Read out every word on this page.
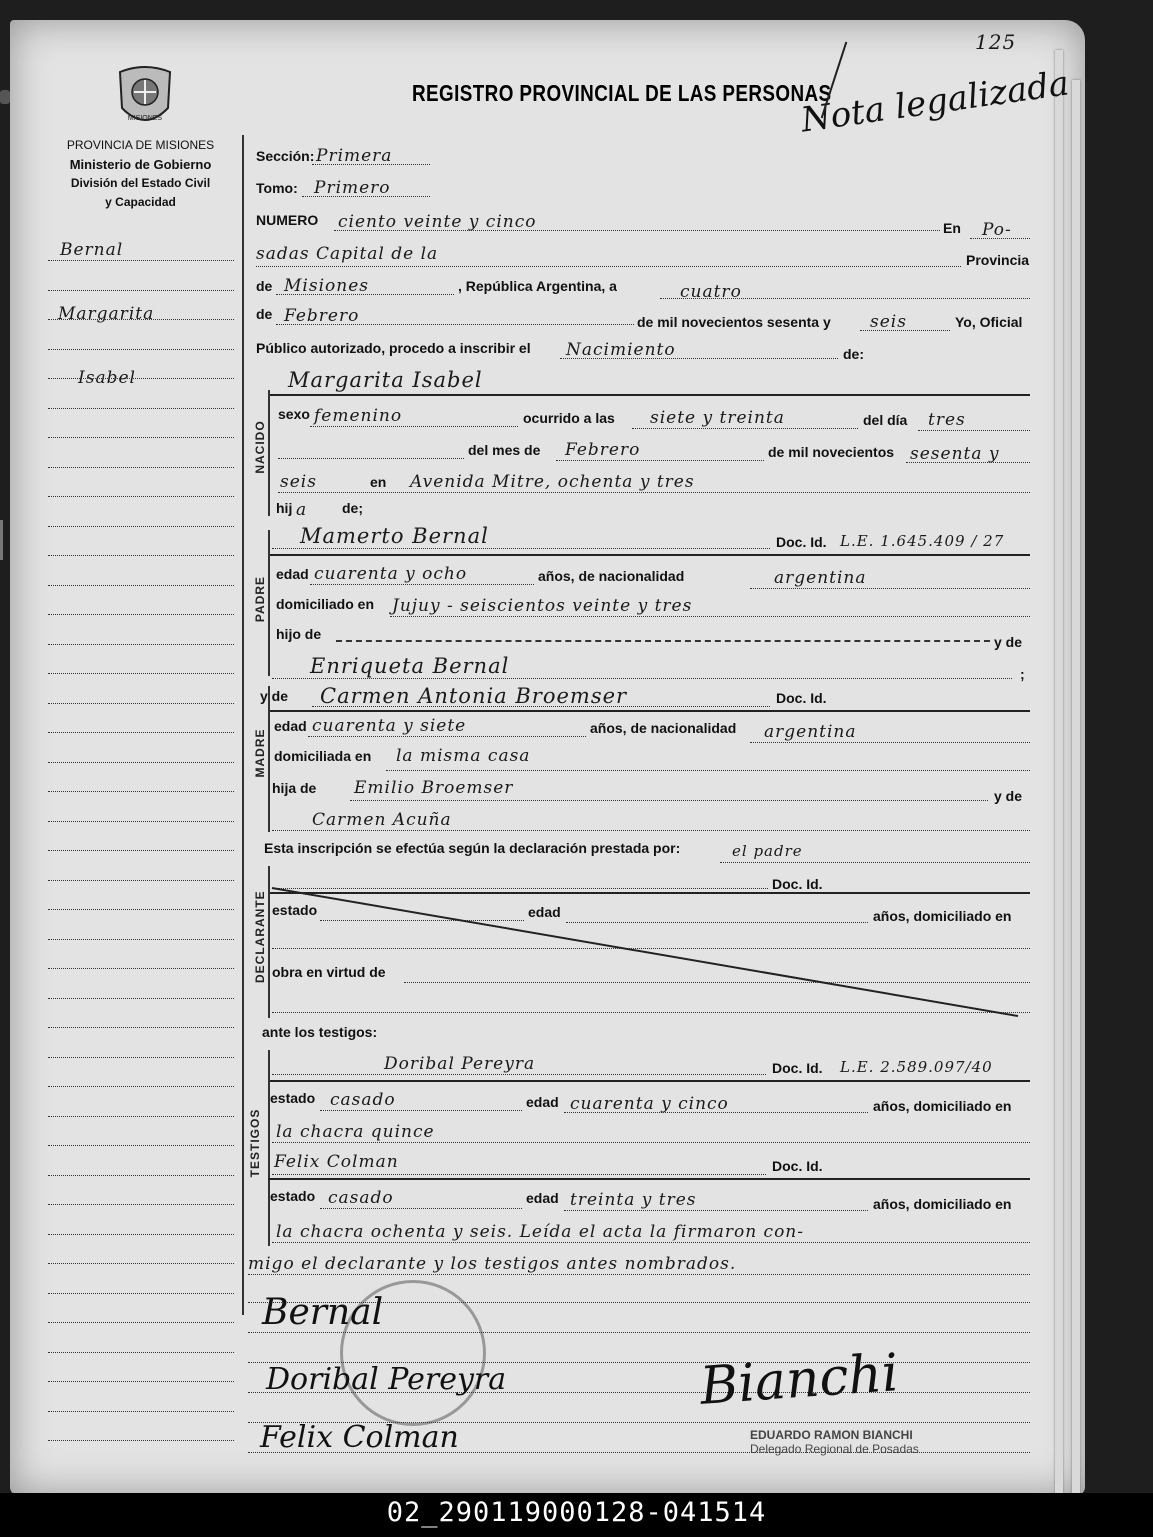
125
MISIONES
REGISTRO PROVINCIAL DE LAS PERSONAS
Nota legalizada
PROVINCIA DE MISIONES
Ministerio de Gobierno
División del Estado Civil
y Capacidad
Bernal
Margarita
Isabel
Sección: Primera
Tomo: Primero
NUMERO ciento veinte y cinco	En Po-
sadas Capital de la	Provincia
de Misiones	, República Argentina, a	cuatro
de Febrero	de mil novecientos sesenta y seis	Yo, Oficial
Público autorizado, procedo a inscribir el Nacimiento	de:
Margarita Isabel
NACIDO
sexo femenino	ocurrido a las siete y treinta	del día tres
del mes de Febrero	de mil novecientos sesenta y
seis	en Avenida Mitre, ochenta y tres
hij a de;
Mamerto Bernal	Doc. Id. L.E. 1.645.409 / 27
PADRE
edad cuarenta y ocho	años, de nacionalidad	argentina
domiciliado en Jujuy - seiscientos veinte y tres
hijo de	y de
Enriqueta Bernal	;
y de Carmen Antonia Broemser	Doc. Id.
MADRE
edad cuarenta y siete	años, de nacionalidad argentina
domiciliada en la misma casa
hija de Emilio Broemser	y de
Carmen Acuña
Esta inscripción se efectúa según la declaración prestada por:	el padre
Doc. Id.
DECLARANTE estado	edad	años, domiciliado en
obra en virtud de
ante los testigos:
Doribal Pereyra	Doc. Id. L.E. 2.589.097/40
TESTIGOS
estado casado	edad cuarenta y cinco	años, domiciliado en
la chacra quince
Felix Colman	Doc. Id.
estado casado	edad treinta y tres	años, domiciliado en
la chacra ochenta y seis. Leída el acta la firmaron con-
migo el declarante y los testigos antes nombrados.
Bernal
Doribal Pereyra
Felix Colman
Bianchi
EDUARDO RAMON BIANCHI
Delegado Regional de Posadas
02_290119000128-041514
